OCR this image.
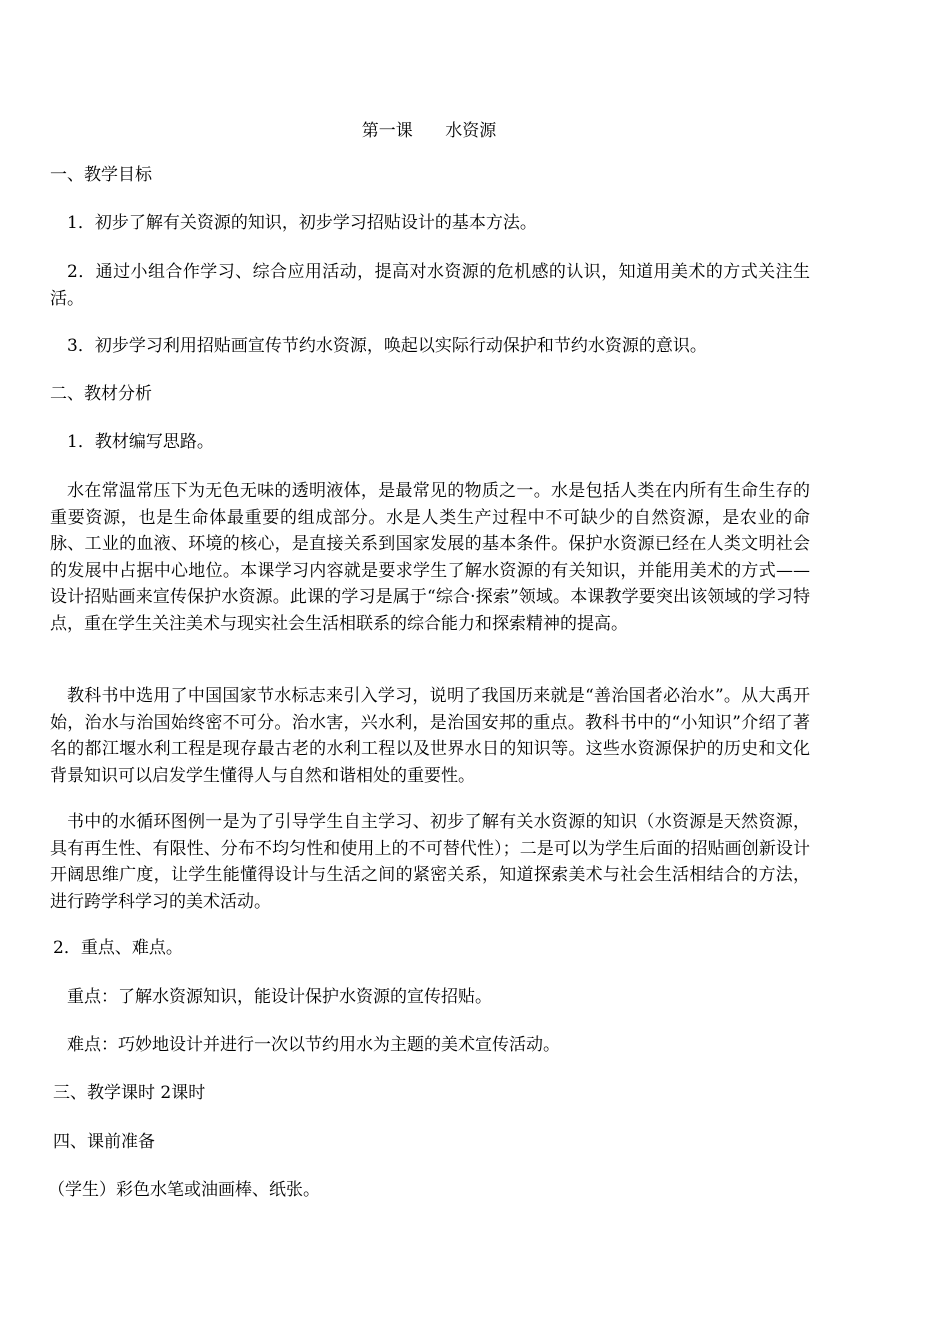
第一课      水资源
一、教学目标
1．初步了解有关资源的知识，初步学习招贴设计的基本方法。
2．通过小组合作学习、综合应用活动，提高对水资源的危机感的认识，知道用美术的方式关注生活。
3．初步学习利用招贴画宣传节约水资源，唤起以实际行动保护和节约水资源的意识。
二、教材分析
1．教材编写思路。
水在常温常压下为无色无味的透明液体，是最常见的物质之一。水是包括人类在内所有生命生存的重要资源，也是生命体最重要的组成部分。水是人类生产过程中不可缺少的自然资源，是农业的命脉、工业的血液、环境的核心，是直接关系到国家发展的基本条件。保护水资源已经在人类文明社会的发展中占据中心地位。本课学习内容就是要求学生了解水资源的有关知识，并能用美术的方式——设计招贴画来宣传保护水资源。此课的学习是属于“综合·探索”领域。本课教学要突出该领域的学习特点，重在学生关注美术与现实社会生活相联系的综合能力和探索精神的提高。
教科书中选用了中国国家节水标志来引入学习，说明了我国历来就是“善治国者必治水”。从大禹开始，治水与治国始终密不可分。治水害，兴水利，是治国安邦的重点。教科书中的“小知识”介绍了著名的都江堰水利工程是现存最古老的水利工程以及世界水日的知识等。这些水资源保护的历史和文化背景知识可以启发学生懂得人与自然和谐相处的重要性。
书中的水循环图例一是为了引导学生自主学习、初步了解有关水资源的知识（水资源是天然资源，具有再生性、有限性、分布不均匀性和使用上的不可替代性）；二是可以为学生后面的招贴画创新设计开阔思维广度，让学生能懂得设计与生活之间的紧密关系，知道探索美术与社会生活相结合的方法，进行跨学科学习的美术活动。
2．重点、难点。
重点：了解水资源知识，能设计保护水资源的宣传招贴。
难点：巧妙地设计并进行一次以节约用水为主题的美术宣传活动。
三、教学课时 2课时
四、课前准备
（学生）彩色水笔或油画棒、纸张。
